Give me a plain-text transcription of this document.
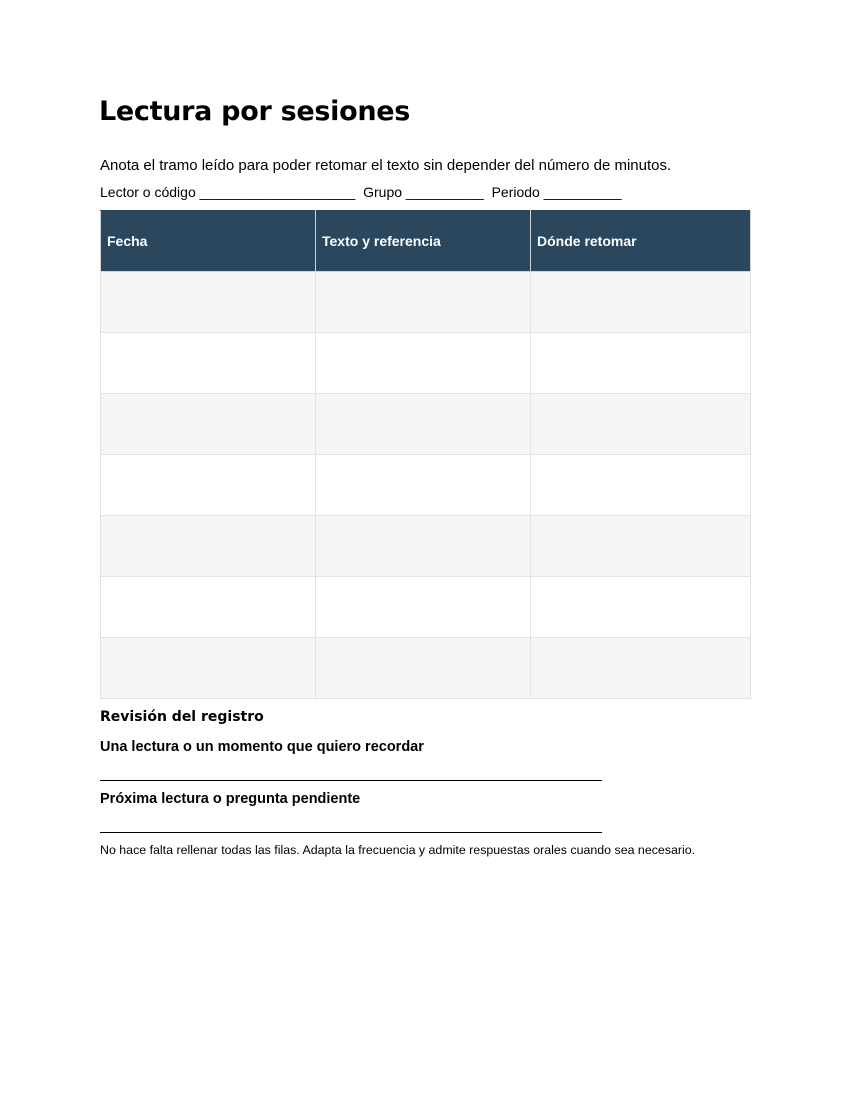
Lectura por sesiones
Anota el tramo leído para poder retomar el texto sin depender del número de minutos.
Lector o código ____________________ Grupo __________ Periodo __________
Fecha	Texto y referencia	Dónde retomar

Revisión del registro
Una lectura o un momento que quiero recordar
Próxima lectura o pregunta pendiente
No hace falta rellenar todas las filas. Adapta la frecuencia y admite respuestas orales cuando sea necesario.
